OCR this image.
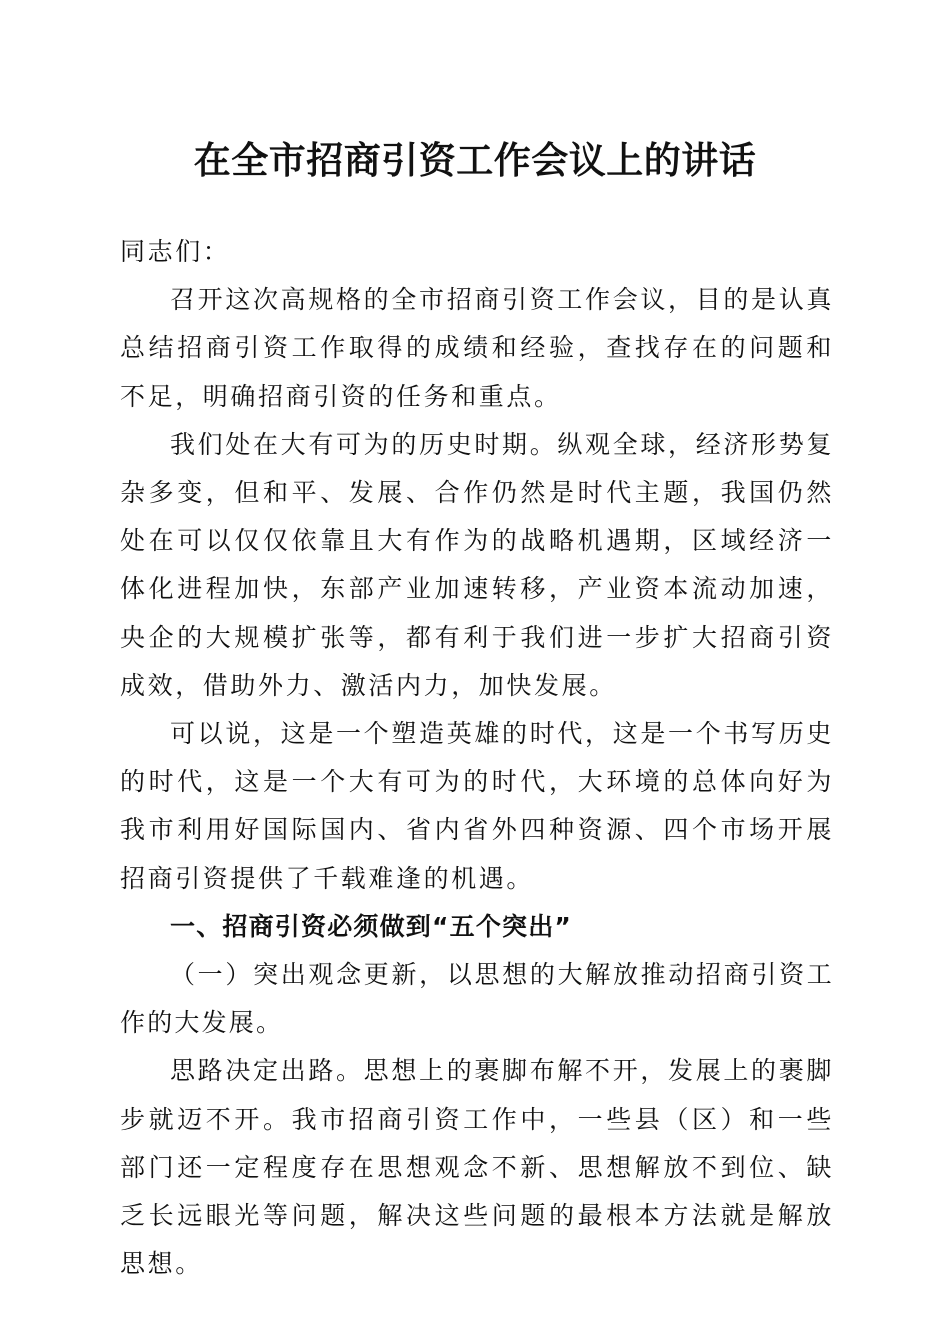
在全市招商引资工作会议上的讲话

同志们：

召开这次高规格的全市招商引资工作会议，目的是认真总结招商引资工作取得的成绩和经验，查找存在的问题和不足，明确招商引资的任务和重点。

我们处在大有可为的历史时期。纵观全球，经济形势复杂多变，但和平、发展、合作仍然是时代主题，我国仍然处在可以仅仅依靠且大有作为的战略机遇期，区域经济一体化进程加快，东部产业加速转移，产业资本流动加速，央企的大规模扩张等，都有利于我们进一步扩大招商引资成效，借助外力、激活内力，加快发展。

可以说，这是一个塑造英雄的时代，这是一个书写历史的时代，这是一个大有可为的时代，大环境的总体向好为我市利用好国际国内、省内省外四种资源、四个市场开展招商引资提供了千载难逢的机遇。

一、招商引资必须做到“五个突出”

（一）突出观念更新，以思想的大解放推动招商引资工作的大发展。

思路决定出路。思想上的裹脚布解不开，发展上的裹脚步就迈不开。我市招商引资工作中，一些县（区）和一些部门还一定程度存在思想观念不新、思想解放不到位、缺乏长远眼光等问题，解决这些问题的最根本方法就是解放思想。
